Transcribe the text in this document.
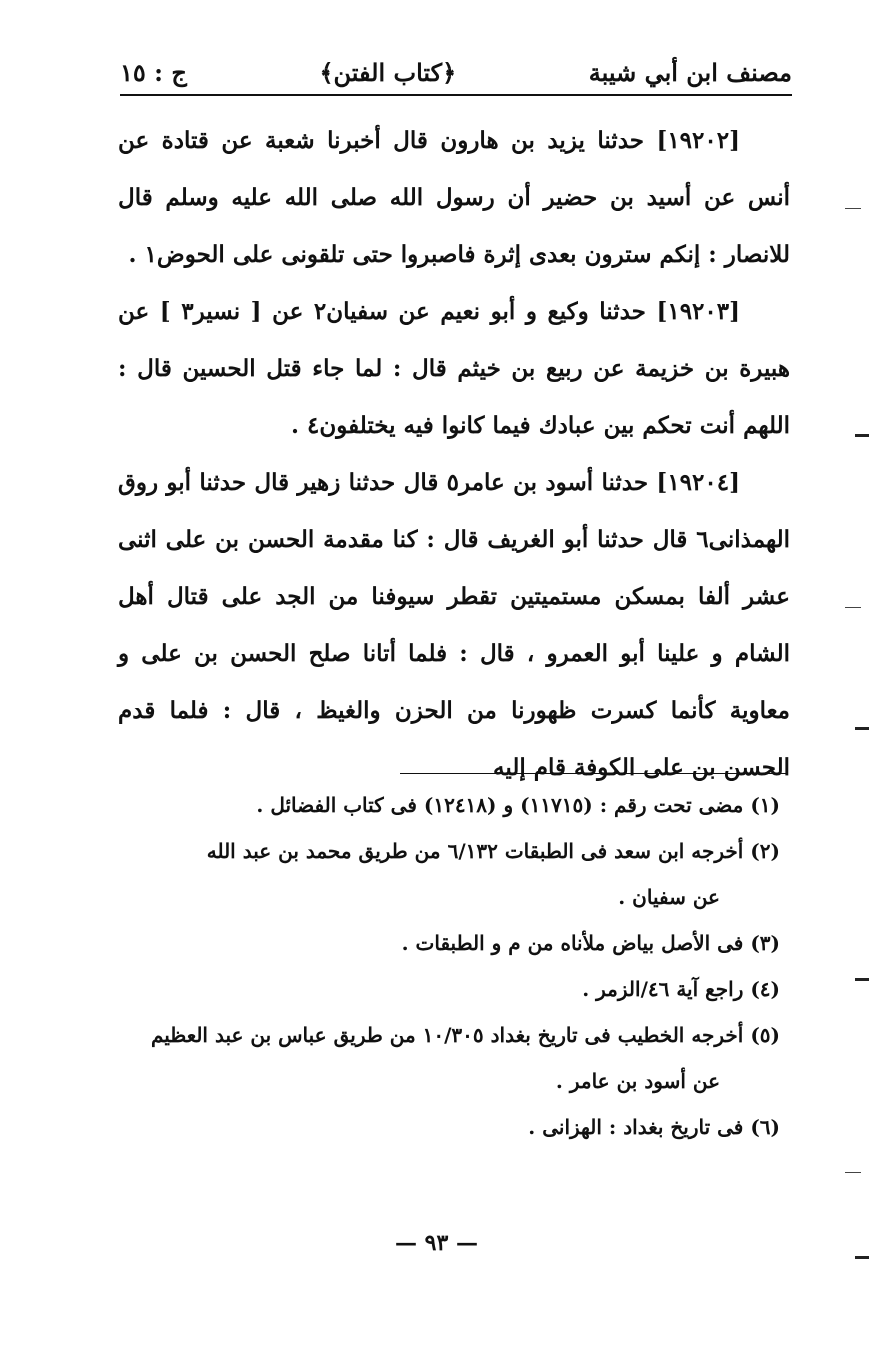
مصنف ابن أبي شيبة
﴿كتاب الفتن﴾
ج : ١٥

[١٩٢٠٢] حدثنا يزيد بن هارون قال أخبرنا شعبة عن قتادة عن أنس عن أسيد بن حضير أن رسول الله صلى الله عليه وسلم قال للانصار : إنكم سترون بعدى إثرة فاصبروا حتى تلقونى على الحوض١ .

[١٩٢٠٣] حدثنا وكيع و أبو نعيم عن سفيان٢ عن [ نسير٣ ] عن هبيرة بن خزيمة عن ربيع بن خيثم قال : لما جاء قتل الحسين قال : اللهم أنت تحكم بين عبادك فيما كانوا فيه يختلفون٤ .

[١٩٢٠٤] حدثنا أسود بن عامر٥ قال حدثنا زهير قال حدثنا أبو روق الهمذانى٦ قال حدثنا أبو الغريف قال : كنا مقدمة الحسن بن على اثنى عشر ألفا بمسكن مستميتين تقطر سيوفنا من الجد على قتال أهل الشام و علينا أبو العمرو ، قال : فلما أتانا صلح الحسن بن على و معاوية كأنما كسرت ظهورنا من الحزن والغيظ ، قال : فلما قدم الحسن بن على الكوفة قام إليه

(١) مضى تحت رقم : (١١٧١٥) و (١٢٤١٨) فى كتاب الفضائل .

(٢) أخرجه ابن سعد فى الطبقات ٦/١٣٢ من طريق محمد بن عبد الله

عن سفيان .

(٣) فى الأصل بياض ملأناه من م و الطبقات .

(٤) راجع آية ٤٦/الزمر .

(٥) أخرجه الخطيب فى تاريخ بغداد ١٠/٣٠٥ من طريق عباس بن عبد العظيم

عن أسود بن عامر .

(٦) فى تاريخ بغداد : الهزانى .

— ٩٣ —
